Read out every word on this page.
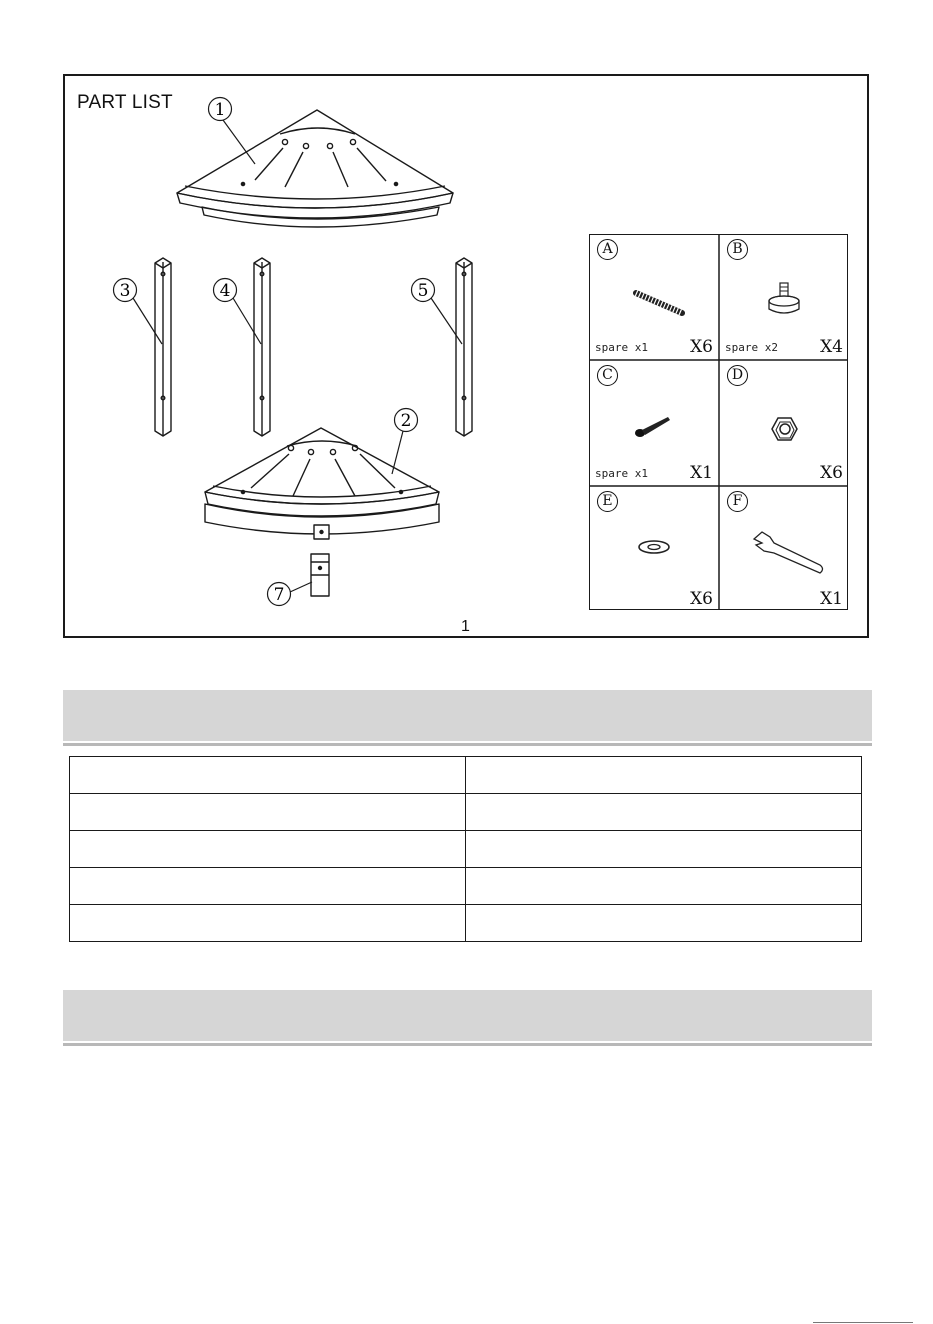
PART LIST 1
2
3	4	5
7
A
spare x1 X6
B
spare x2 X4
C
spare x1 X1
D
X6
E
X6
F
X1
1
